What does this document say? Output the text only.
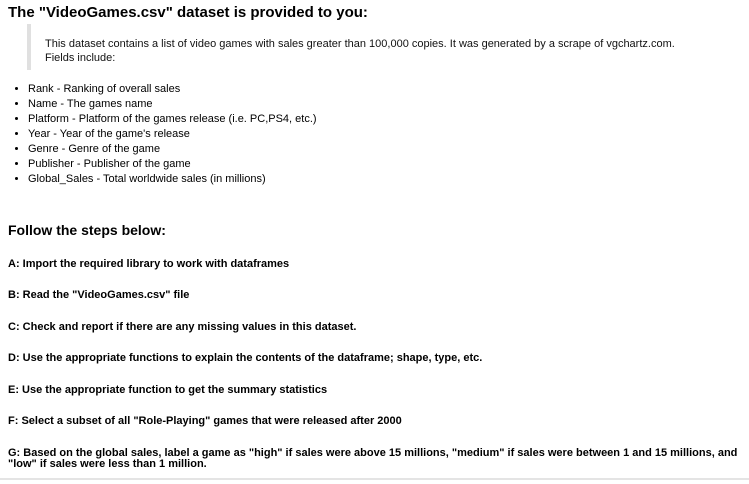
The "VideoGames.csv" dataset is provided to you:

This dataset contains a list of video games with sales greater than 100,000 copies. It was generated by a scrape of vgchartz.com. Fields include:

• Rank - Ranking of overall sales
• Name - The games name
• Platform - Platform of the games release (i.e. PC,PS4, etc.)
• Year - Year of the game's release
• Genre - Genre of the game
• Publisher - Publisher of the game
• Global_Sales - Total worldwide sales (in millions)
Follow the steps below:

A: Import the required library to work with dataframes

B: Read the "VideoGames.csv" file

C: Check and report if there are any missing values in this dataset.

D: Use the appropriate functions to explain the contents of the dataframe; shape, type, etc.

E: Use the appropriate function to get the summary statistics

F: Select a subset of all "Role-Playing" games that were released after 2000

G: Based on the global sales, label a game as "high" if sales were above 15 millions, "medium" if sales were between 1 and 15 millions, and "low" if sales were less than 1 million.
